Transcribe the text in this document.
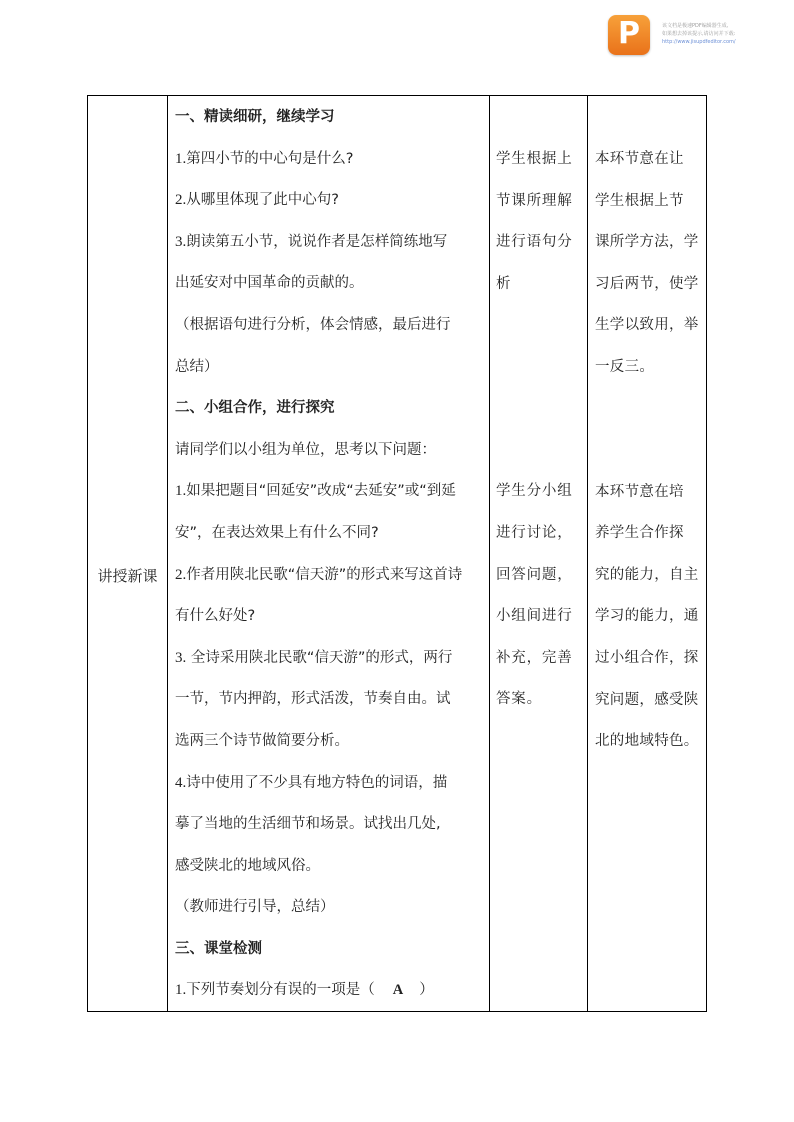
P	该文档是极速PDF编辑器生成,
如果想去掉该提示,请访问并下载:
http://www.jisupdfeditor.com/
讲授新课
一、精读细研，继续学习
1.第四小节的中心句是什么?
2.从哪里体现了此中心句?
3.朗读第五小节，说说作者是怎样简练地写
出延安对中国革命的贡献的。
（根据语句进行分析，体会情感，最后进行
总结）
二、小组合作，进行探究
请同学们以小组为单位，思考以下问题：
1.如果把题目“回延安”改成“去延安”或“到延
安”，在表达效果上有什么不同?
2.作者用陕北民歌“信天游”的形式来写这首诗
有什么好处?
3. 全诗采用陕北民歌“信天游”的形式，两行
一节，节内押韵，形式活泼，节奏自由。试
选两三个诗节做简要分析。
4.诗中使用了不少具有地方特色的词语，描
摹了当地的生活细节和场景。试找出几处,
感受陕北的地域风俗。
（教师进行引导，总结）
三、课堂检测
1.下列节奏划分有误的一项是（ A ）
学生根据上
节课所理解
进行语句分
析
学生分小组
进行讨论，
回答问题，
小组间进行
补充，完善
答案。
本环节意在让
学生根据上节
课所学方法，学
习后两节，使学
生学以致用，举
一反三。
本环节意在培
养学生合作探
究的能力，自主
学习的能力，通
过小组合作，探
究问题，感受陕
北的地域特色。
